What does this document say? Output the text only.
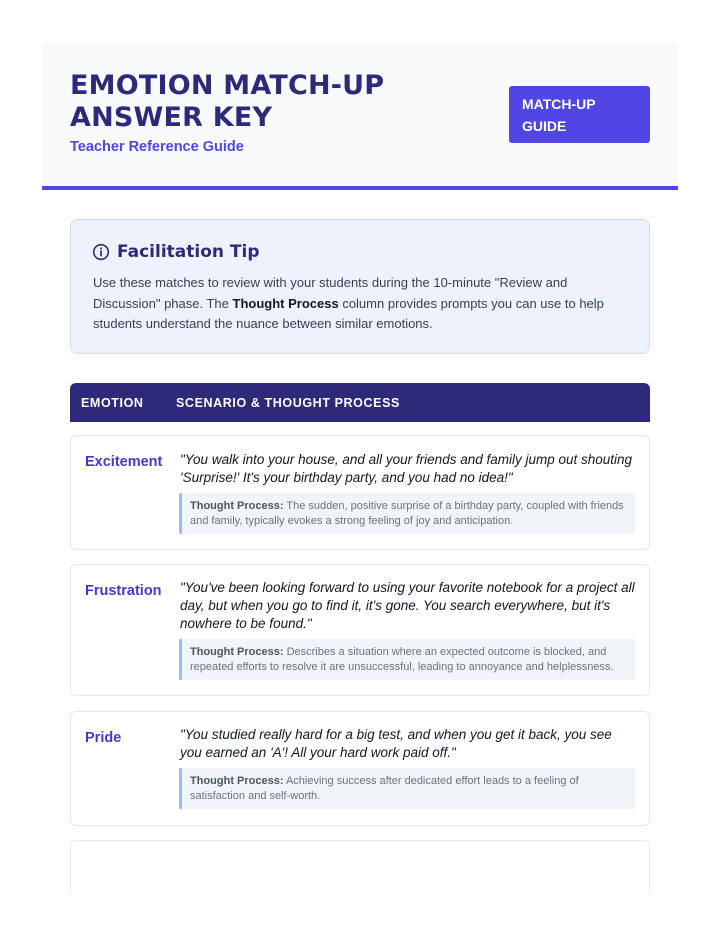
EMOTION MATCH-UP ANSWER KEY
Teacher Reference Guide
MATCH-UP GUIDE
Facilitation Tip
Use these matches to review with your students during the 10-minute "Review and Discussion" phase. The Thought Process column provides prompts you can use to help students understand the nuance between similar emotions.
EMOTION	SCENARIO & THOUGHT PROCESS
Excitement "You walk into your house, and all your friends and family jump out shouting 'Surprise!' It's your birthday party, and you had no idea!"
Thought Process: The sudden, positive surprise of a birthday party, coupled with friends and family, typically evokes a strong feeling of joy and anticipation.
Frustration "You've been looking forward to using your favorite notebook for a project all day, but when you go to find it, it's gone. You search everywhere, but it's nowhere to be found."
Thought Process: Describes a situation where an expected outcome is blocked, and repeated efforts to resolve it are unsuccessful, leading to annoyance and helplessness.
Pride	"You studied really hard for a big test, and when you get it back, you see you earned an 'A'! All your hard work paid off."
Thought Process: Achieving success after dedicated effort leads to a feeling of satisfaction and self-worth.
